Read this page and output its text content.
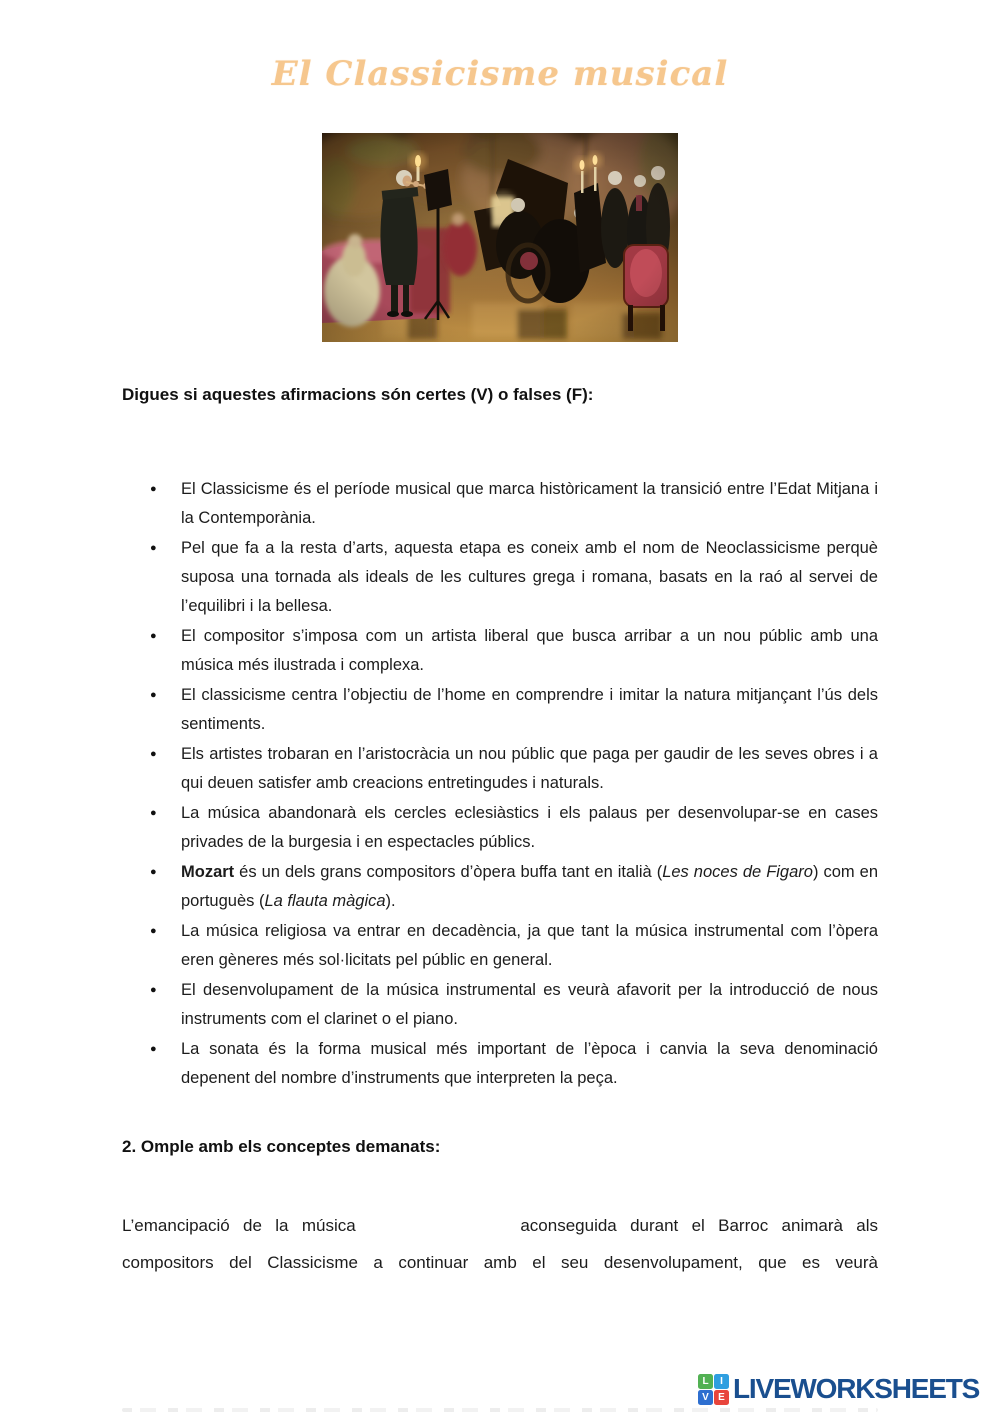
El Classicisme musical

Digues si aquestes afirmacions són certes (V) o falses (F):

● El Classicisme és el període musical que marca històricament la transició entre l’Edat Mitjana i la Contemporània.
● Pel que fa a la resta d’arts, aquesta etapa es coneix amb el nom de Neoclassicisme perquè suposa una tornada als ideals de les cultures grega i romana, basats en la raó al servei de l’equilibri i la bellesa.
● El compositor s’imposa com un artista liberal que busca arribar a un nou públic amb una música més ilustrada i complexa.
● El classicisme centra l’objectiu de l’home en comprendre i imitar la natura mitjançant l’ús dels sentiments.
● Els artistes trobaran en l’aristocràcia un nou públic que paga per gaudir de les seves obres i a qui deuen satisfer amb creacions entretingudes i naturals.
● La música abandonarà els cercles eclesiàstics i els palaus per desenvolupar-se en cases privades de la burgesia i en espectacles públics.
● Mozart és un dels grans compositors d’òpera buffa tant en italià (Les noces de Figaro) com en portuguès (La flauta màgica).
● La música religiosa va entrar en decadència, ja que tant la música instrumental com l’òpera eren gèneres més sol·licitats pel públic en general.
● El desenvolupament de la música instrumental es veurà afavorit per la introducció de nous instruments com el clarinet o el piano.
● La sonata és la forma musical més important de l’època i canvia la seva denominació depenent del nombre d’instruments que interpreten la peça.

2. Omple amb els conceptes demanats:

L’emancipació de la música	aconseguida durant el Barroc animarà als compositors del Classicisme a continuar amb el seu desenvolupament, que es veurà

L	I
V E LIVEWORKSHEETS
